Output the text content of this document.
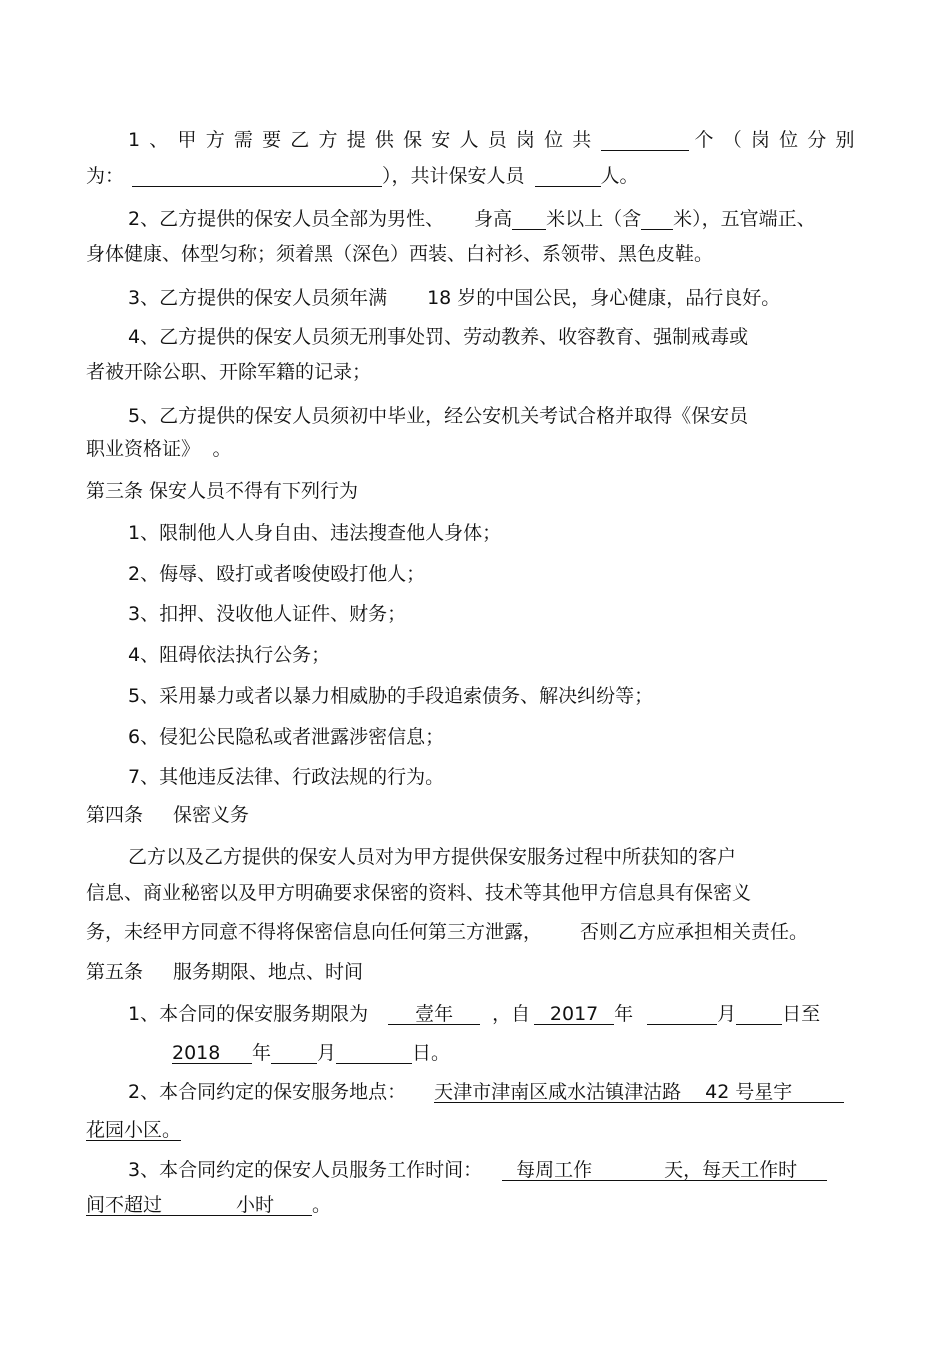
1、甲方需要乙方提供保安人员岗位共	个（岗位分别
为：	），共计保安人员	人。
2、乙方提供的保安人员全部为男性、 身高 米以上（含 米），五官端正、
身体健康、体型匀称；须着黑（深色）西装、白衬衫、系领带、黑色皮鞋。
3、乙方提供的保安人员须年满 18 岁的中国公民，身心健康，品行良好。
4、乙方提供的保安人员须无刑事处罚、劳动教养、收容教育、强制戒毒或
者被开除公职、开除军籍的记录；
5、乙方提供的保安人员须初中毕业，经公安机关考试合格并取得《保安员
职业资格证》 。
第三条 保安人员不得有下列行为
1、限制他人人身自由、违法搜查他人身体；
2、侮辱、殴打或者唆使殴打他人；
3、扣押、没收他人证件、财务；
4、阻碍依法执行公务；
5、采用暴力或者以暴力相威胁的手段追索债务、解决纠纷等；
6、侵犯公民隐私或者泄露涉密信息；
7、其他违反法律、行政法规的行为。
第四条 保密义务
乙方以及乙方提供的保安人员对为甲方提供保安服务过程中所获知的客户
信息、商业秘密以及甲方明确要求保密的资料、技术等其他甲方信息具有保密义
务，未经甲方同意不得将保密信息向任何第三方泄露， 否则乙方应承担相关责任。
第五条 服务期限、地点、时间
1、本合同的保安服务期限为 壹年 ，自 2017 年	月 日至
2018 年 月	日。
2、本合同约定的保安服务地点： 天津市津南区咸水沽镇津沽路 42 号星宇
花园小区。
3、本合同约定的保安人员服务工作时间： 每周工作	天，每天工作时
间不超过	小时 。
